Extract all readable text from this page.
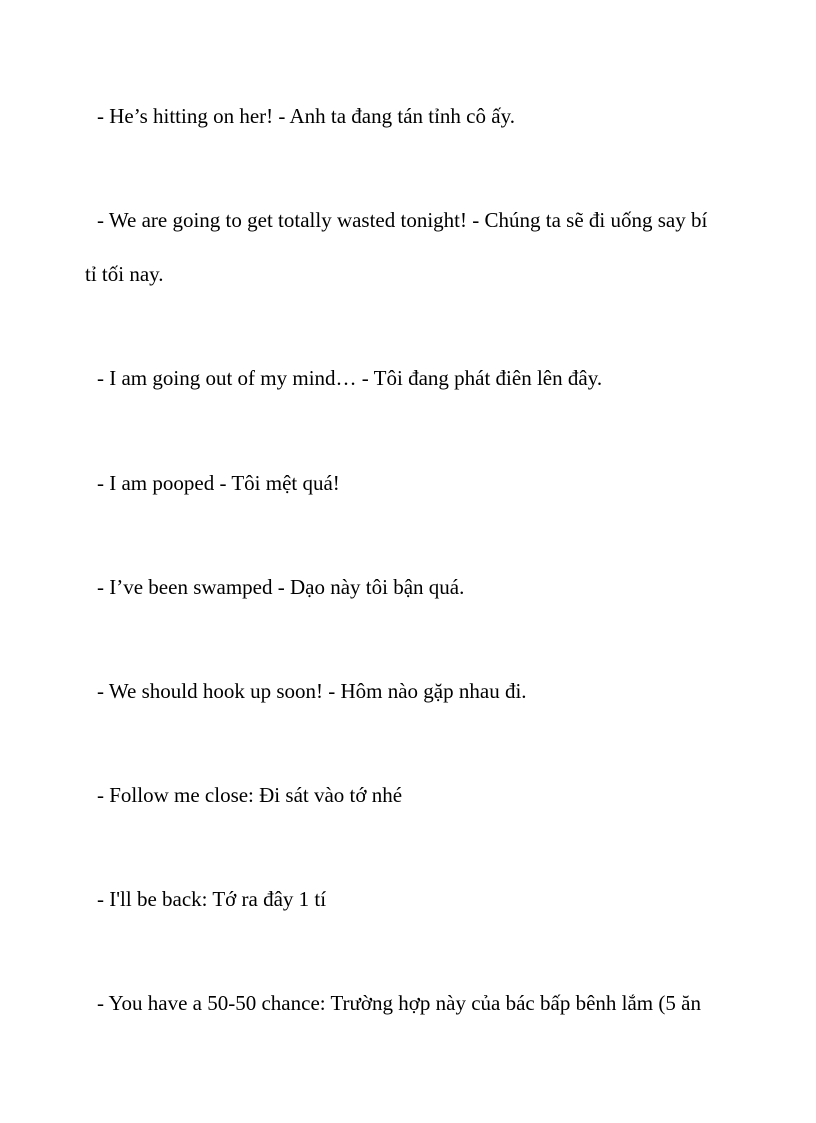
- He’s hitting on her! - Anh ta đang tán tỉnh cô ấy.

- We are going to get totally wasted tonight! - Chúng ta sẽ đi uống say bí
tỉ tối nay.

- I am going out of my mind… - Tôi đang phát điên lên đây.

- I am pooped - Tôi mệt quá!

- I’ve been swamped - Dạo này tôi bận quá.

- We should hook up soon! - Hôm nào gặp nhau đi.

- Follow me close: Đi sát vào tớ nhé

- I'll be back: Tớ ra đây 1 tí

- You have a 50-50 chance: Trường hợp này của bác bấp bênh lắm (5 ăn
